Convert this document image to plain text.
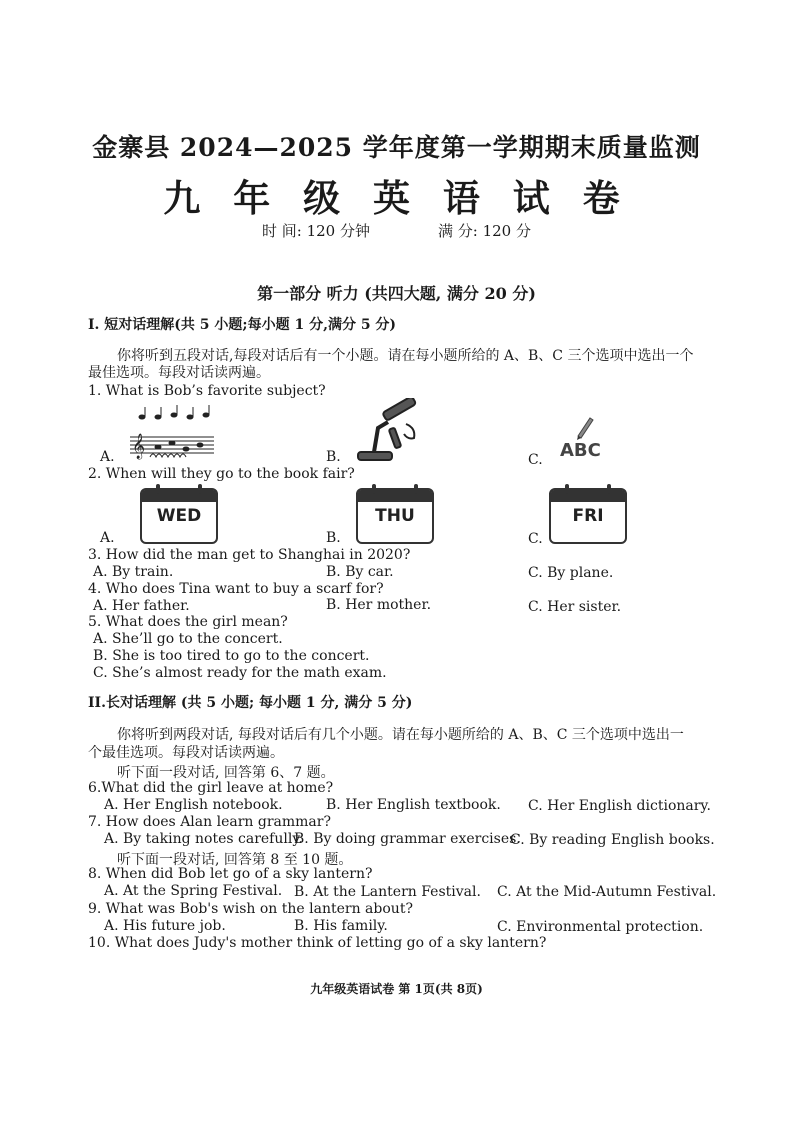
金寨县 2024—2025 学年度第一学期期末质量监测
九 年 级 英 语 试 卷
时 间: 120 分钟	满 分: 120 分
第一部分 听力 (共四大题, 满分 20 分)
Ⅰ. 短对话理解(共 5 小题;每小题 1 分,满分 5 分)
你将听到五段对话,每段对话后有一个小题。请在每小题所给的 A、B、C 三个选项中选出一个
最佳选项。每段对话读两遍。
1. What is Bob’s favorite subject?
A.	B.	C.
𝄞	ABC
2. When will they go to the book fair?
WED	THU	FRI
A.	B.	C.
3. How did the man get to Shanghai in 2020?
A. By train.	B. By car.	C. By plane.
4. Who does Tina want to buy a scarf for?
A. Her father.	B. Her mother.	C. Her sister.
5. What does the girl mean?
A. She’ll go to the concert.
B. She is too tired to go to the concert.
C. She’s almost ready for the math exam.
II.长对话理解 (共 5 小题; 每小题 1 分, 满分 5 分)
你将听到两段对话, 每段对话后有几个小题。请在每小题所给的 A、B、C 三个选项中选出一
个最佳选项。每段对话读两遍。
听下面一段对话, 回答第 6、7 题。
6.What did the girl leave at home?
A. Her English notebook.	B. Her English textbook. C. Her English dictionary.
7. How does Alan learn grammar?
A. By taking notes carefully.
B. By doing grammar exercises.
C. By reading English books.
听下面一段对话, 回答第 8 至 10 题。
8. When did Bob let go of a sky lantern?
A. At the Spring Festival. B. At the Lantern Festival. C. At the Mid-Autumn Festival.
9. What was Bob's wish on the lantern about?
A. His future job.	B. His family.	C. Environmental protection.
10. What does Judy's mother think of letting go of a sky lantern?
九年级英语试卷 第 1页(共 8页)
